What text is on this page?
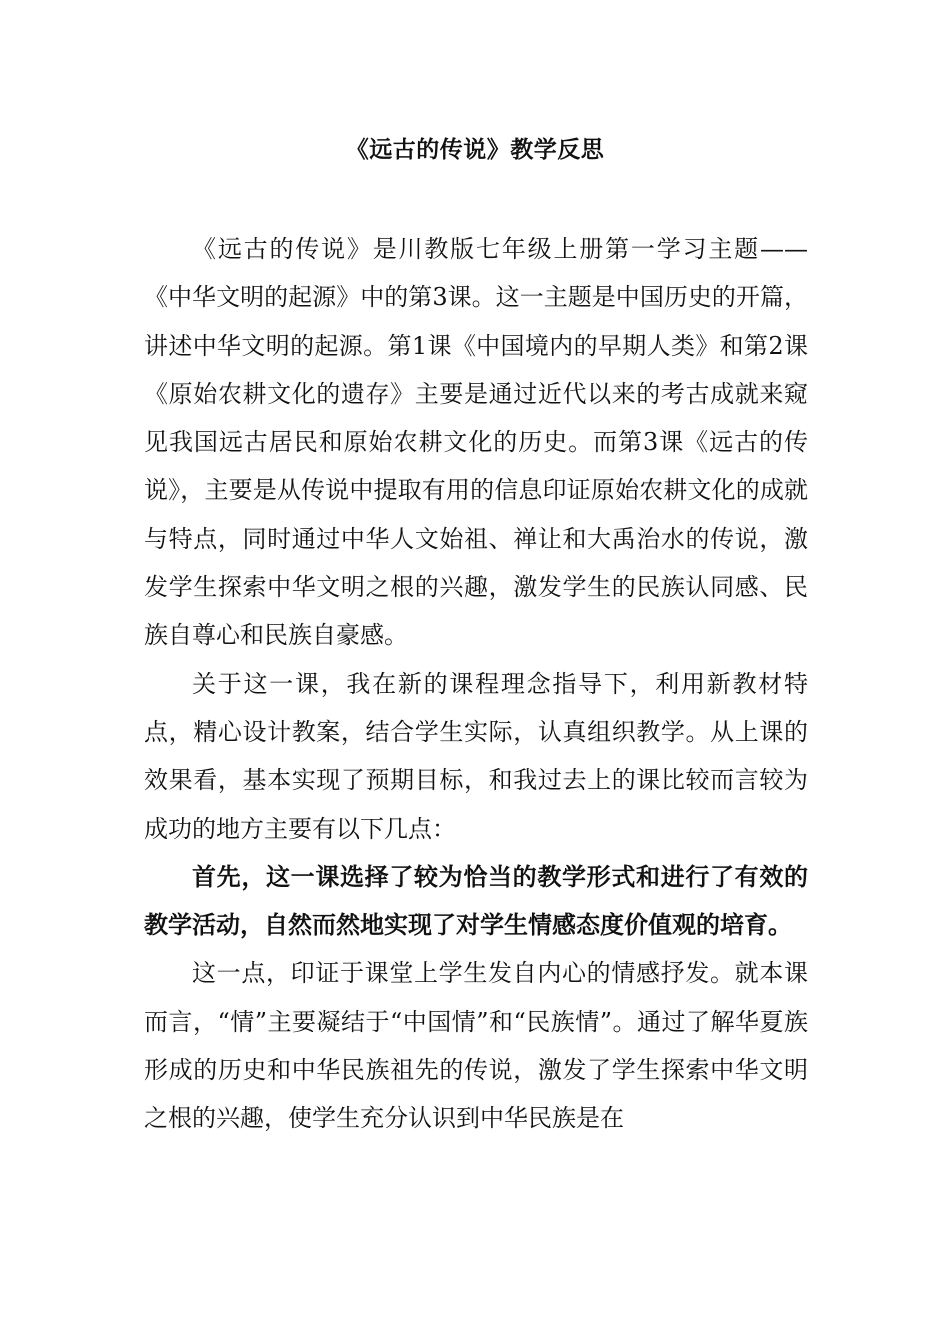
《远古的传说》教学反思

《远古的传说》是川教版七年级上册第一学习主题——《中华文明的起源》中的第3课。这一主题是中国历史的开篇，讲述中华文明的起源。第1课《中国境内的早期人类》和第2课《原始农耕文化的遗存》主要是通过近代以来的考古成就来窥见我国远古居民和原始农耕文化的历史。而第3课《远古的传说》，主要是从传说中提取有用的信息印证原始农耕文化的成就与特点，同时通过中华人文始祖、禅让和大禹治水的传说，激发学生探索中华文明之根的兴趣，激发学生的民族认同感、民族自尊心和民族自豪感。

关于这一课，我在新的课程理念指导下，利用新教材特点，精心设计教案，结合学生实际，认真组织教学。从上课的效果看，基本实现了预期目标，和我过去上的课比较而言较为成功的地方主要有以下几点：

首先，这一课选择了较为恰当的教学形式和进行了有效的教学活动，自然而然地实现了对学生情感态度价值观的培育。

这一点，印证于课堂上学生发自内心的情感抒发。就本课而言，“情”主要凝结于“中国情”和“民族情”。通过了解华夏族形成的历史和中华民族祖先的传说，激发了学生探索中华文明之根的兴趣，使学生充分认识到中华民族是在
